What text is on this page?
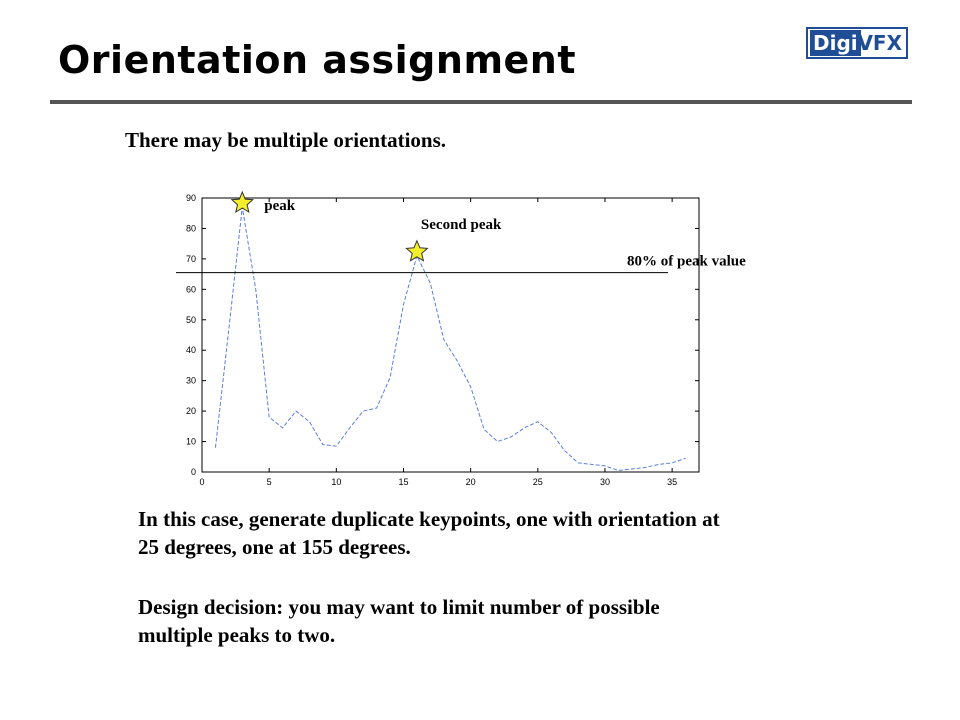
Orientation assignment	Digi VFX
There may be multiple orientations.
0
10
20
30
40
50
60
70
80
90
0	5	10	15	20	25	30	35
peak
Second peak
80% of peak value
In this case, generate duplicate keypoints, one with orientation at 25 degrees, one at 155 degrees.
Design decision: you may want to limit number of possible multiple peaks to two.
